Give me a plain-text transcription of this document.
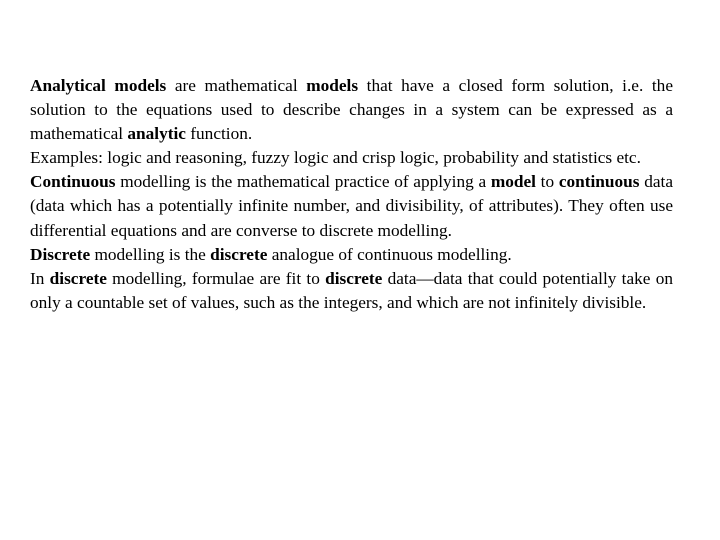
Analytical models are mathematical models that have a closed form solution, i.e. the solution to the equations used to describe changes in a system can be expressed as a mathematical analytic function.

Examples: logic and reasoning, fuzzy logic and crisp logic, probability and statistics etc.

Continuous modelling is the mathematical practice of applying a model to continuous data (data which has a potentially infinite number, and divisibility, of attributes). They often use differential equations and are converse to discrete modelling.

Discrete modelling is the discrete analogue of continuous modelling.

In discrete modelling, formulae are fit to discrete data—data that could potentially take on only a countable set of values, such as the integers, and which are not infinitely divisible.
